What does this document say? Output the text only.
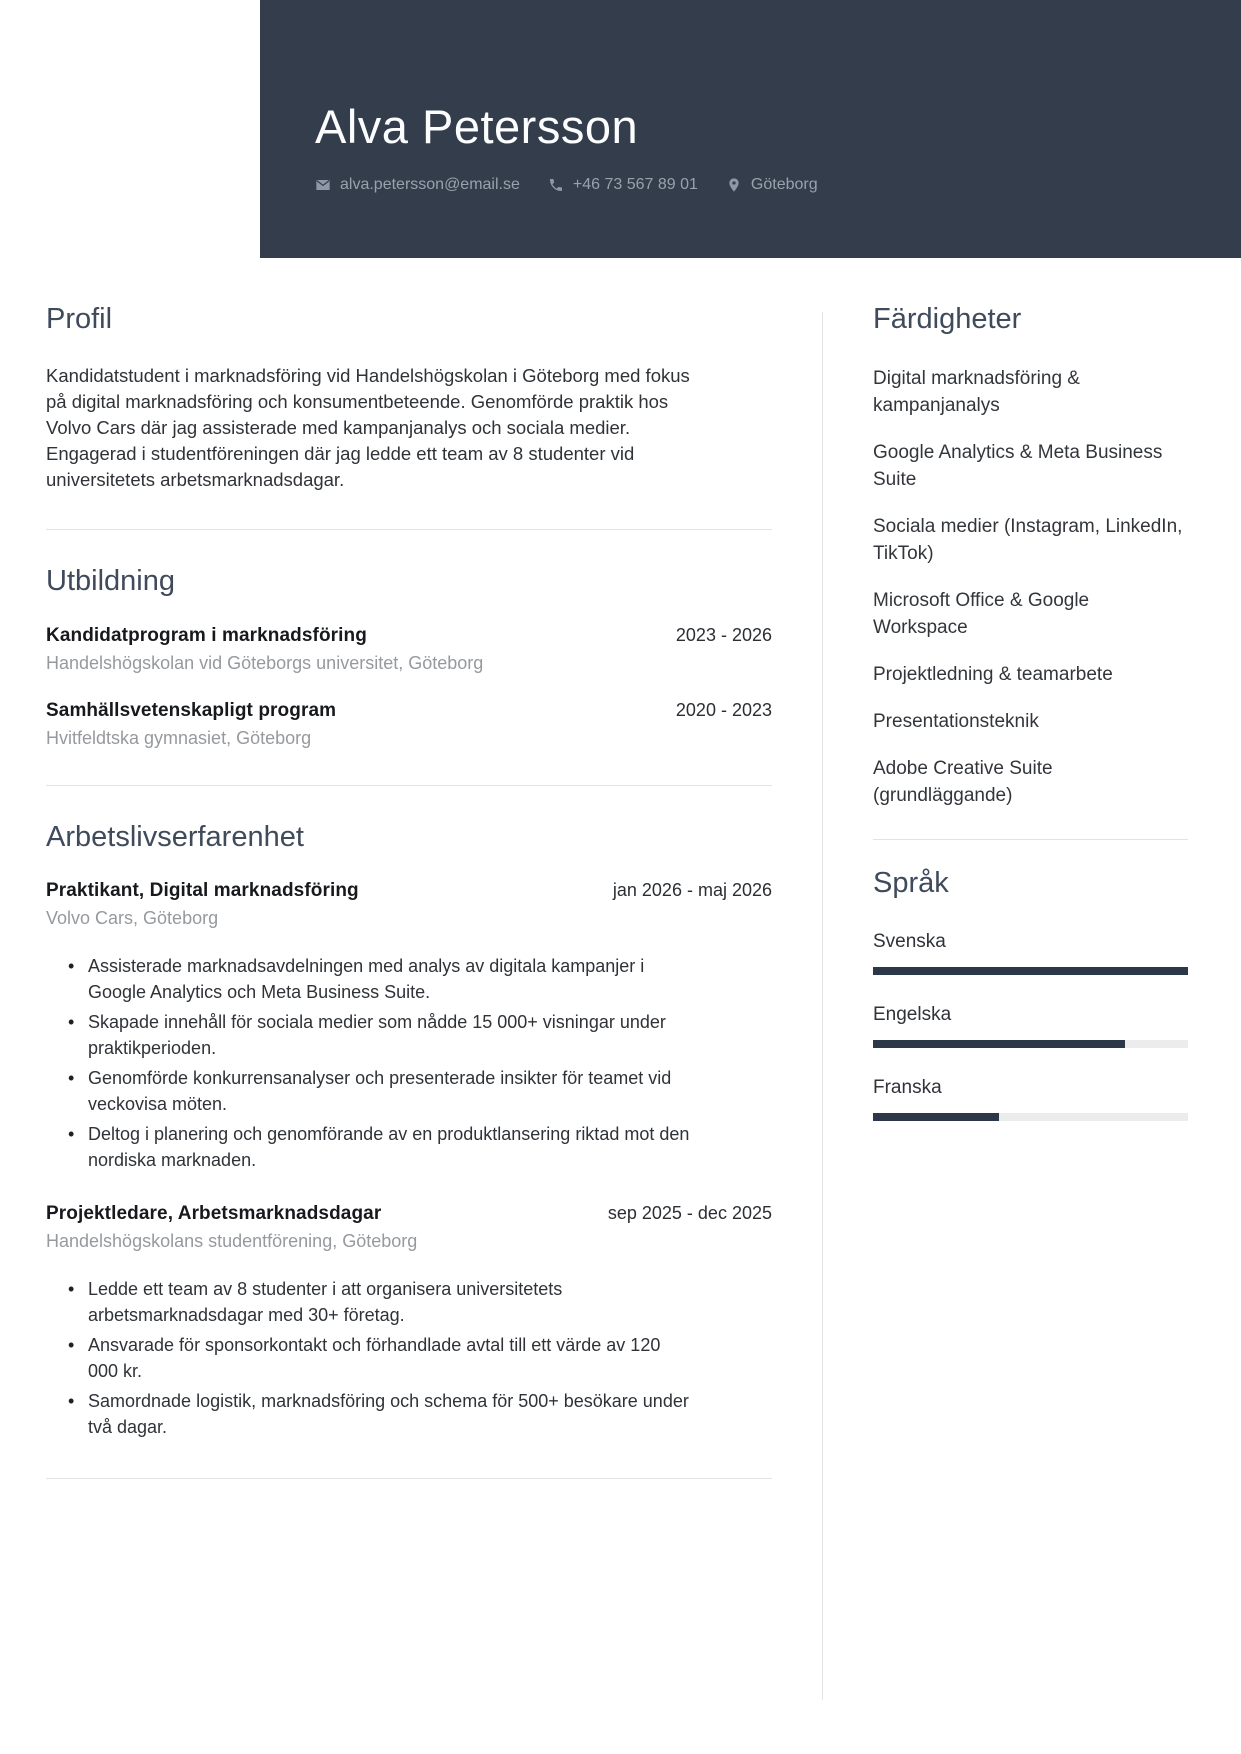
Alva Petersson
alva.petersson@email.se	+46 73 567 89 01	Göteborg
Profil

Kandidatstudent i marknadsföring vid Handelshögskolan i Göteborg med fokus på digital marknadsföring och konsumentbeteende. Genomförde praktik hos Volvo Cars där jag assisterade med kampanjanalys och sociala medier. Engagerad i studentföreningen där jag ledde ett team av 8 studenter vid universitetets arbetsmarknadsdagar.

Utbildning
Kandidatprogram i marknadsföring	2023 - 2026
Handelshögskolan vid Göteborgs universitet, Göteborg
Samhällsvetenskapligt program	2020 - 2023
Hvitfeldtska gymnasiet, Göteborg
Arbetslivserfarenhet
Praktikant, Digital marknadsföring	jan 2026 - maj 2026
Volvo Cars, Göteborg
• Assisterade marknadsavdelningen med analys av digitala kampanjer i Google Analytics och Meta Business Suite.
• Skapade innehåll för sociala medier som nådde 15 000+ visningar under praktikperioden.
• Genomförde konkurrensanalyser och presenterade insikter för teamet vid veckovisa möten.
• Deltog i planering och genomförande av en produktlansering riktad mot den nordiska marknaden.
Projektledare, Arbetsmarknadsdagar	sep 2025 - dec 2025
Handelshögskolans studentförening, Göteborg
• Ledde ett team av 8 studenter i att organisera universitetets arbetsmarknadsdagar med 30+ företag.
• Ansvarade för sponsorkontakt och förhandlade avtal till ett värde av 120 000 kr.
• Samordnade logistik, marknadsföring och schema för 500+ besökare under två dagar.
Färdigheter
Digital marknadsföring & kampanjanalys
Google Analytics & Meta Business Suite
Sociala medier (Instagram, LinkedIn, TikTok)
Microsoft Office & Google Workspace
Projektledning & teamarbete
Presentationsteknik
Adobe Creative Suite (grundläggande)
Språk
Svenska
Engelska
Franska
